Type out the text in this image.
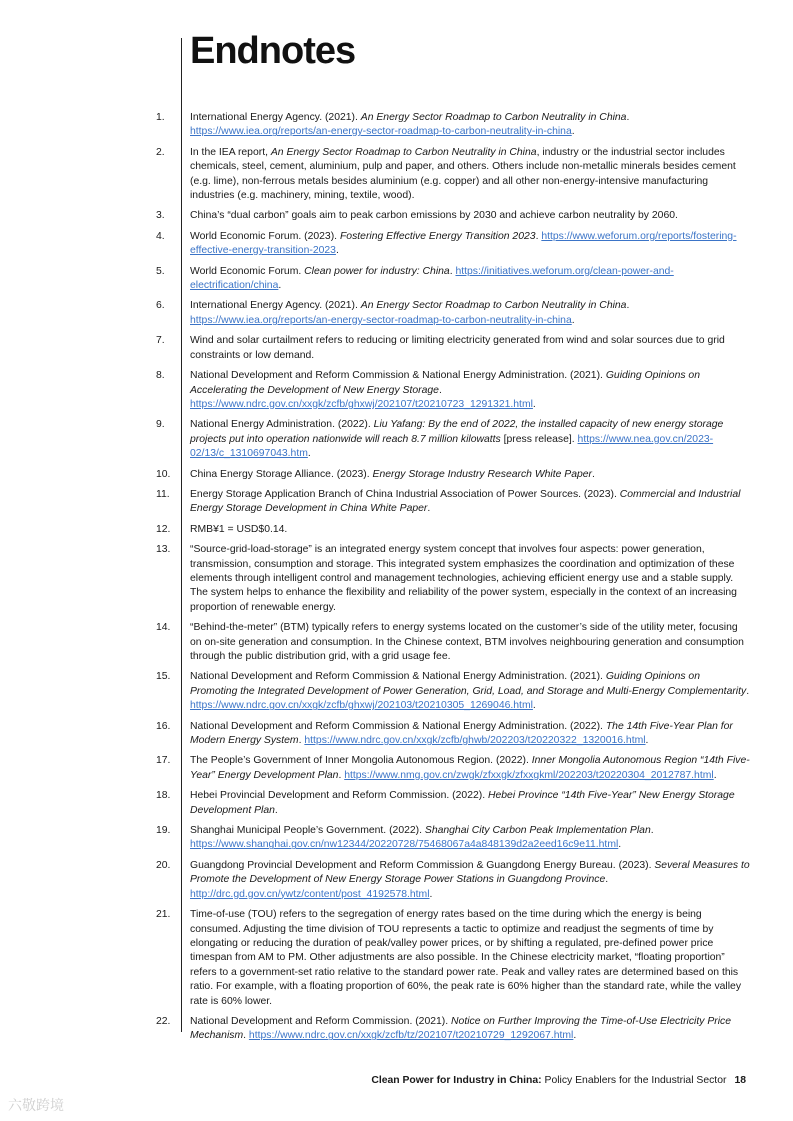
Endnotes
1.	International Energy Agency. (2021). An Energy Sector Roadmap to Carbon Neutrality in China. https://www.iea.org/reports/an-energy-sector-roadmap-to-carbon-neutrality-in-china.
2.	In the IEA report, An Energy Sector Roadmap to Carbon Neutrality in China, industry or the industrial sector includes chemicals, steel, cement, aluminium, pulp and paper, and others. Others include non-metallic minerals besides cement (e.g. lime), non-ferrous metals besides aluminium (e.g. copper) and all other non-energy-intensive manufacturing industries (e.g. machinery, mining, textile, wood).
3.	China’s “dual carbon” goals aim to peak carbon emissions by 2030 and achieve carbon neutrality by 2060.
4.	World Economic Forum. (2023). Fostering Effective Energy Transition 2023. https://www.weforum.org/reports/fostering-effective-energy-transition-2023.
5.	World Economic Forum. Clean power for industry: China. https://initiatives.weforum.org/clean-power-and-electrification/china.
6.	International Energy Agency. (2021). An Energy Sector Roadmap to Carbon Neutrality in China. https://www.iea.org/reports/an-energy-sector-roadmap-to-carbon-neutrality-in-china.
7.	Wind and solar curtailment refers to reducing or limiting electricity generated from wind and solar sources due to grid constraints or low demand.
8.	National Development and Reform Commission & National Energy Administration. (2021). Guiding Opinions on Accelerating the Development of New Energy Storage. https://www.ndrc.gov.cn/xxgk/zcfb/ghxwj/202107/t20210723_1291321.html.
9.	National Energy Administration. (2022). Liu Yafang: By the end of 2022, the installed capacity of new energy storage projects put into operation nationwide will reach 8.7 million kilowatts [press release]. https://www.nea.gov.cn/2023-02/13/c_1310697043.htm.
10.	China Energy Storage Alliance. (2023). Energy Storage Industry Research White Paper.
11.	Energy Storage Application Branch of China Industrial Association of Power Sources. (2023). Commercial and Industrial Energy Storage Development in China White Paper.
12.	RMB¥1 = USD$0.14.
13.	“Source-grid-load-storage” is an integrated energy system concept that involves four aspects: power generation, transmission, consumption and storage. This integrated system emphasizes the coordination and optimization of these elements through intelligent control and management technologies, achieving efficient energy use and a stable supply. The system helps to enhance the flexibility and reliability of the power system, especially in the context of an increasing proportion of renewable energy.
14.	“Behind-the-meter” (BTM) typically refers to energy systems located on the customer’s side of the utility meter, focusing on on-site generation and consumption. In the Chinese context, BTM involves neighbouring generation and consumption through the public distribution grid, with a grid usage fee.
15.	National Development and Reform Commission & National Energy Administration. (2021). Guiding Opinions on Promoting the Integrated Development of Power Generation, Grid, Load, and Storage and Multi-Energy Complementarity. https://www.ndrc.gov.cn/xxgk/zcfb/ghxwj/202103/t20210305_1269046.html.
16.	National Development and Reform Commission & National Energy Administration. (2022). The 14th Five-Year Plan for Modern Energy System. https://www.ndrc.gov.cn/xxgk/zcfb/ghwb/202203/t20220322_1320016.html.
17.	The People’s Government of Inner Mongolia Autonomous Region. (2022). Inner Mongolia Autonomous Region “14th Five-Year” Energy Development Plan. https://www.nmg.gov.cn/zwgk/zfxxgk/zfxxgkml/202203/t20220304_2012787.html.
18.	Hebei Provincial Development and Reform Commission. (2022). Hebei Province “14th Five-Year” New Energy Storage Development Plan.
19.	Shanghai Municipal People’s Government. (2022). Shanghai City Carbon Peak Implementation Plan. https://www.shanghai.gov.cn/nw12344/20220728/75468067a4a848139d2a2eed16c9e11.html.
20.	Guangdong Provincial Development and Reform Commission & Guangdong Energy Bureau. (2023). Several Measures to Promote the Development of New Energy Storage Power Stations in Guangdong Province. http://drc.gd.gov.cn/ywtz/content/post_4192578.html.
21.	Time-of-use (TOU) refers to the segregation of energy rates based on the time during which the energy is being consumed. Adjusting the time division of TOU represents a tactic to optimize and readjust the segments of time by elongating or reducing the duration of peak/valley power prices, or by shifting a regulated, pre-defined power price timespan from AM to PM. Other adjustments are also possible. In the Chinese electricity market, “floating proportion” refers to a government-set ratio relative to the standard power rate. Peak and valley rates are determined based on this ratio. For example, with a floating proportion of 60%, the peak rate is 60% higher than the standard rate, while the valley rate is 60% lower.
22.	National Development and Reform Commission. (2021). Notice on Further Improving the Time-of-Use Electricity Price Mechanism. https://www.ndrc.gov.cn/xxgk/zcfb/tz/202107/t20210729_1292067.html.
Clean Power for Industry in China: Policy Enablers for the Industrial Sector 18
六敬跨境
